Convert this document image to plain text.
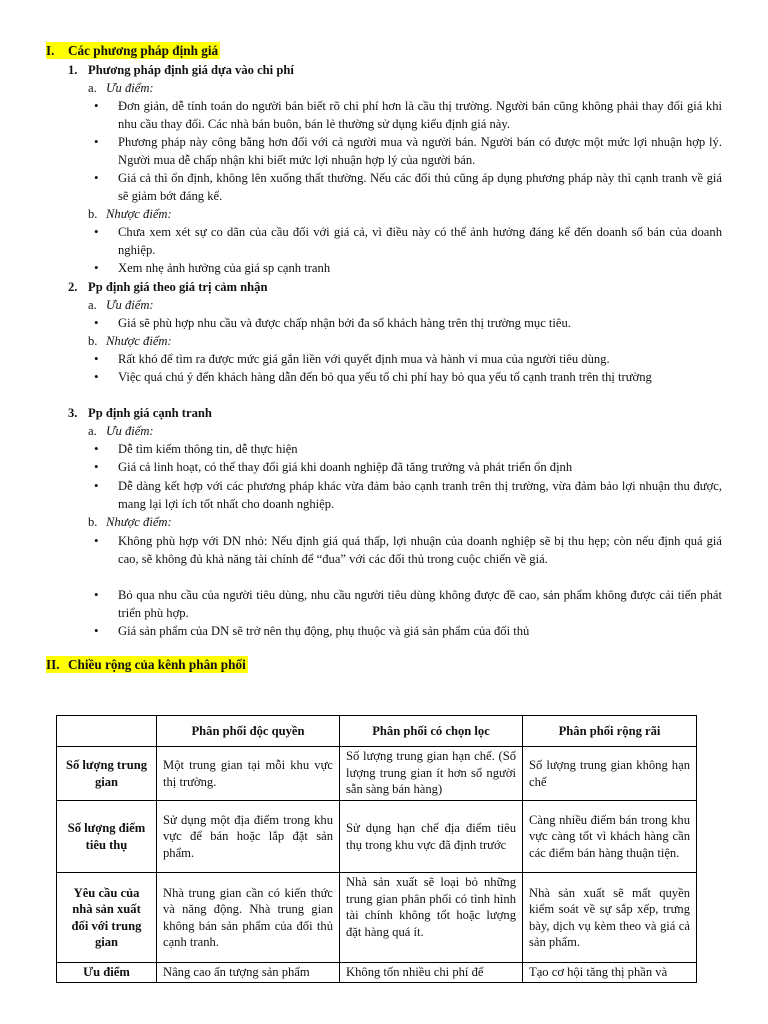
I. Các phương pháp định giá
1. Phương pháp định giá dựa vào chi phí
a. Ưu điểm:
• Đơn giản, dễ tính toán do người bán biết rõ chi phí hơn là cầu thị trường. Người bán cũng không phải thay đổi giá khi nhu cầu thay đổi. Các nhà bán buôn, bán lẻ thường sử dụng kiểu định giá này.
• Phương pháp này công bằng hơn đối với cả người mua và người bán. Người bán có được một mức lợi nhuận hợp lý. Người mua dễ chấp nhận khi biết mức lợi nhuận hợp lý của người bán.
• Giá cả thì ổn định, không lên xuống thất thường. Nếu các đối thủ cũng áp dụng phương pháp này thì cạnh tranh về giá sẽ giảm bớt đáng kể.
b. Nhược điểm:
• Chưa xem xét sự co dãn của cầu đối với giá cả, vì điều này có thể ảnh hưởng đáng kể đến doanh số bán của doanh nghiệp.
• Xem nhẹ ảnh hưởng của giá sp cạnh tranh
2. Pp định giá theo giá trị cảm nhận
a. Ưu điểm:
• Giá sẽ phù hợp nhu cầu và được chấp nhận bởi đa số khách hàng trên thị trường mục tiêu.
b. Nhược điểm:
• Rất khó để tìm ra được mức giá gắn liền với quyết định mua và hành vi mua của người tiêu dùng.
• Việc quá chú ý đến khách hàng dẫn đến bỏ qua yếu tố chi phí hay bỏ qua yếu tố cạnh tranh trên thị trường
3. Pp định giá cạnh tranh
a. Ưu điểm:
• Dễ tìm kiếm thông tin, dễ thực hiện
• Giá cả linh hoạt, có thể thay đổi giá khi doanh nghiệp đã tăng trưởng và phát triển ổn định
• Dễ dàng kết hợp với các phương pháp khác vừa đảm bảo cạnh tranh trên thị trường, vừa đảm bảo lợi nhuận thu được, mang lại lợi ích tốt nhất cho doanh nghiệp.
b. Nhược điểm:
• Không phù hợp với DN nhỏ: Nếu định giá quá thấp, lợi nhuận của doanh nghiệp sẽ bị thu hẹp; còn nếu định quá giá cao, sẽ không đủ khả năng tài chính để “đua” với các đối thủ trong cuộc chiến về giá.
• Bỏ qua nhu cầu của người tiêu dùng, nhu cầu người tiêu dùng không được đề cao, sản phẩm không được cải tiến phát triển phù hợp.
• Giá sản phẩm của DN sẽ trở nên thụ động, phụ thuộc và giá sản phẩm của đối thủ
II. Chiều rộng của kênh phân phối
	Phân phối độc quyền	Phân phối có chọn lọc	Phân phối rộng rãi
Số lượng trung gian	Một trung gian tại mỗi khu vực thị trường.	Số lượng trung gian hạn chế. (Số lượng trung gian ít hơn số người sẵn sàng bán hàng)	Số lượng trung gian không hạn chế
Số lượng điểm tiêu thụ	Sử dụng một địa điểm trong khu vực để bán hoặc lắp đặt sản phẩm.	Sử dụng hạn chế địa điểm tiêu thụ trong khu vực đã định trước	Càng nhiều điểm bán trong khu vực càng tốt vì khách hàng cần các điểm bán hàng thuận tiện.
Yêu cầu của nhà sản xuất đối với trung gian	Nhà trung gian cần có kiến thức và năng động. Nhà trung gian không bán sản phẩm của đối thủ cạnh tranh.	Nhà sản xuất sẽ loại bỏ những trung gian phân phối có tình hình tài chính không tốt hoặc lượng đặt hàng quá ít.	Nhà sản xuất sẽ mất quyền kiểm soát về sự sắp xếp, trưng bày, dịch vụ kèm theo và giá cả sản phẩm.
Ưu điểm	Nâng cao ấn tượng sản phẩm	Không tốn nhiều chi phí để	Tạo cơ hội tăng thị phần và
